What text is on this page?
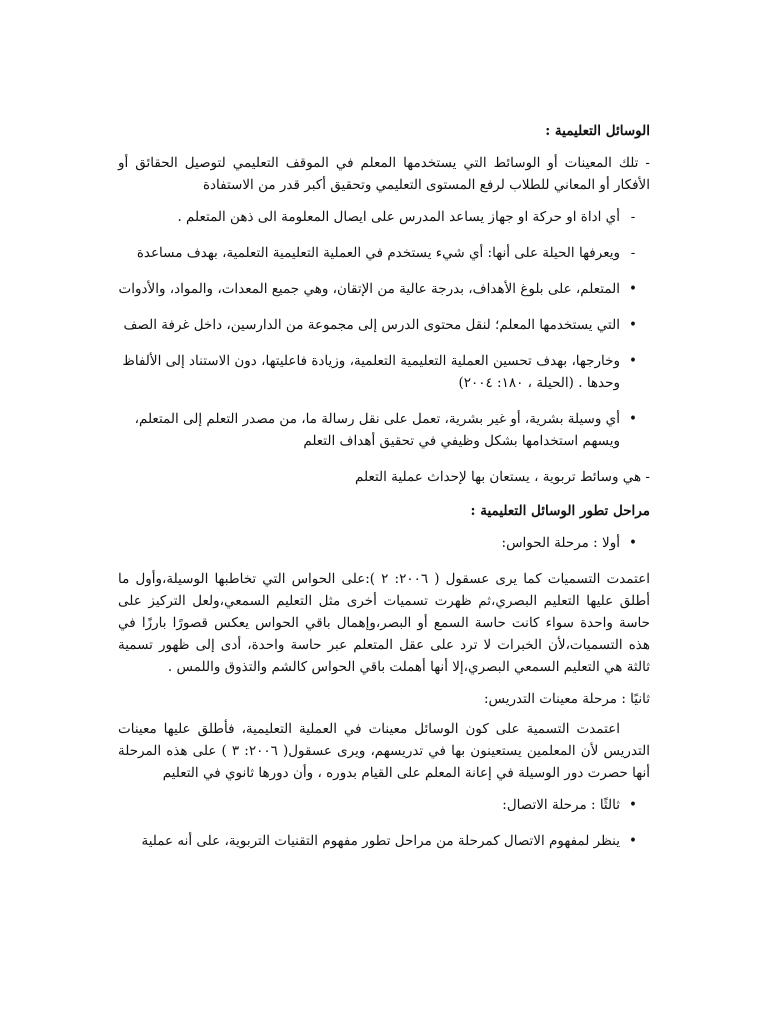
الوسائل التعليمية :

- تلك المعينات أو الوسائط التي يستخدمها المعلم في الموقف التعليمي لتوصيل الحقائق أو الأفكار أو المعاني للطلاب لرفع المستوى التعليمي وتحقيق أكبر قدر من الاستفادة

-
أي اداة او حركة او جهاز يساعد المدرس على ايصال المعلومة الى ذهن المتعلم .
-
ويعرفها الحيلة على أنها: أي شيء يستخدم في العملية التعليمية التعلمية، بهدف مساعدة
•
المتعلم، على بلوغ الأهداف، بدرجة عالية من الإتقان، وهي جميع المعدات، والمواد، والأدوات
•
التي يستخدمها المعلم؛ لنقل محتوى الدرس إلى مجموعة من الدارسين، داخل غرفة الصف
•
وخارجها، بهدف تحسين العملية التعليمية التعلمية، وزيادة فاعليتها، دون الاستناد إلى الألفاظ وحدها . (الحيلة ، ١٨٠: ٢٠٠٤)
•
أي وسيلة بشرية، أو غير بشرية، تعمل على نقل رسالة ما، من مصدر التعلم إلى المتعلم، ويسهم استخدامها بشكل وظيفي في تحقيق أهداف التعلم

- هي وسائط تربوية ، يستعان بها لإحداث عملية التعلم

مراحل تطور الوسائل التعليمية :
•
أولا : مرحلة الحواس:

اعتمدت التسميات كما يرى عسقول ( ٢٠٠٦: ٢ ):على الحواس التي تخاطبها الوسيلة،وأول ما أطلق عليها التعليم البصري،ثم ظهرت تسميات أخرى مثل التعليم السمعي،ولعل التركيز على حاسة واحدة سواء كانت حاسة السمع أو البصر،وإهمال باقي الحواس يعكس قصورًا بارزًا في هذه التسميات،لأن الخبرات لا ترد على عقل المتعلم عبر حاسة واحدة، أدى إلى ظهور تسمية ثالثة هي التعليم السمعي البصري،إلا أنها أهملت باقي الحواس كالشم والتذوق واللمس .

ثانيًا : مرحلة معينات التدريس:

اعتمدت التسمية على كون الوسائل معينات في العملية التعليمية، فأطلق عليها معينات التدريس لأن المعلمين يستعينون بها في تدريسهم، ويرى عسقول( ٢٠٠٦: ٣ ) على هذه المرحلة أنها حصرت دور الوسيلة في إعانة المعلم على القيام بدوره ، وأن دورها ثانوي في التعليم

•
ثالثًا : مرحلة الاتصال:
•
ينظر لمفهوم الاتصال كمرحلة من مراحل تطور مفهوم التقنيات التربوية، على أنه عملية
